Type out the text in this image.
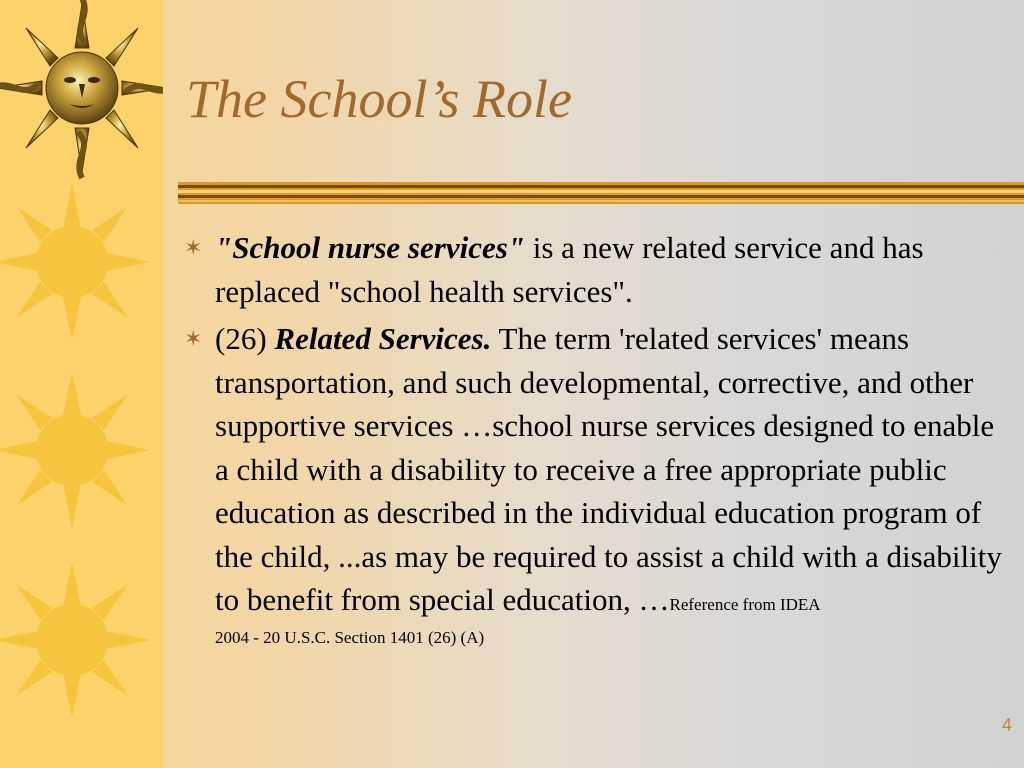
The School’s Role

✶ "School nurse services" is a new related service and has replaced "school health services".

✶ (26) Related Services. The term 'related services' means transportation, and such developmental, corrective, and other supportive services …school nurse services designed to enable a child with a disability to receive a free appropriate public education as described in the individual education program of the child, ...as may be required to assist a child with a disability to benefit from special education, …Reference from IDEA
2004 - 20 U.S.C. Section 1401 (26) (A)

4
